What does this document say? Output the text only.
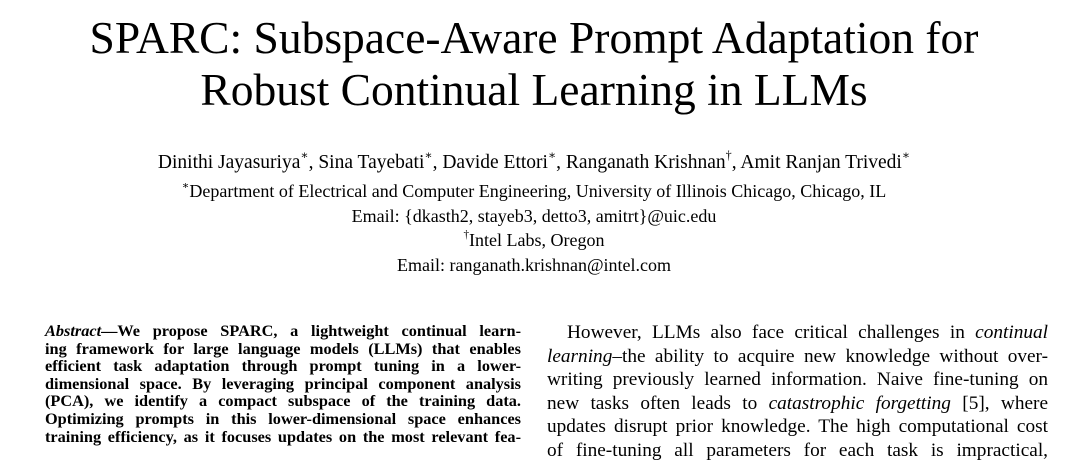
SPARC: Subspace-Aware Prompt Adaptation for
Robust Continual Learning in LLMs
Dinithi Jayasuriya∗, Sina Tayebati∗, Davide Ettori∗, Ranganath Krishnan†, Amit Ranjan Trivedi∗
∗Department of Electrical and Computer Engineering, University of Illinois Chicago, Chicago, IL
Email: {dkasth2, stayeb3, detto3, amitrt}@uic.edu
†Intel Labs, Oregon
Email: ranganath.krishnan@intel.com
Abstract—We propose SPARC, a lightweight continual learn-
ing framework for large language models (LLMs) that enables
efficient task adaptation through prompt tuning in a lower-
dimensional space. By leveraging principal component analysis
(PCA), we identify a compact subspace of the training data.
Optimizing prompts in this lower-dimensional space enhances
training efficiency, as it focuses updates on the most relevant fea-
However, LLMs also face critical challenges in continual
learning–the ability to acquire new knowledge without over-
writing previously learned information. Naive fine-tuning on
new tasks often leads to catastrophic forgetting [5], where
updates disrupt prior knowledge. The high computational cost
of fine-tuning all parameters for each task is impractical,
